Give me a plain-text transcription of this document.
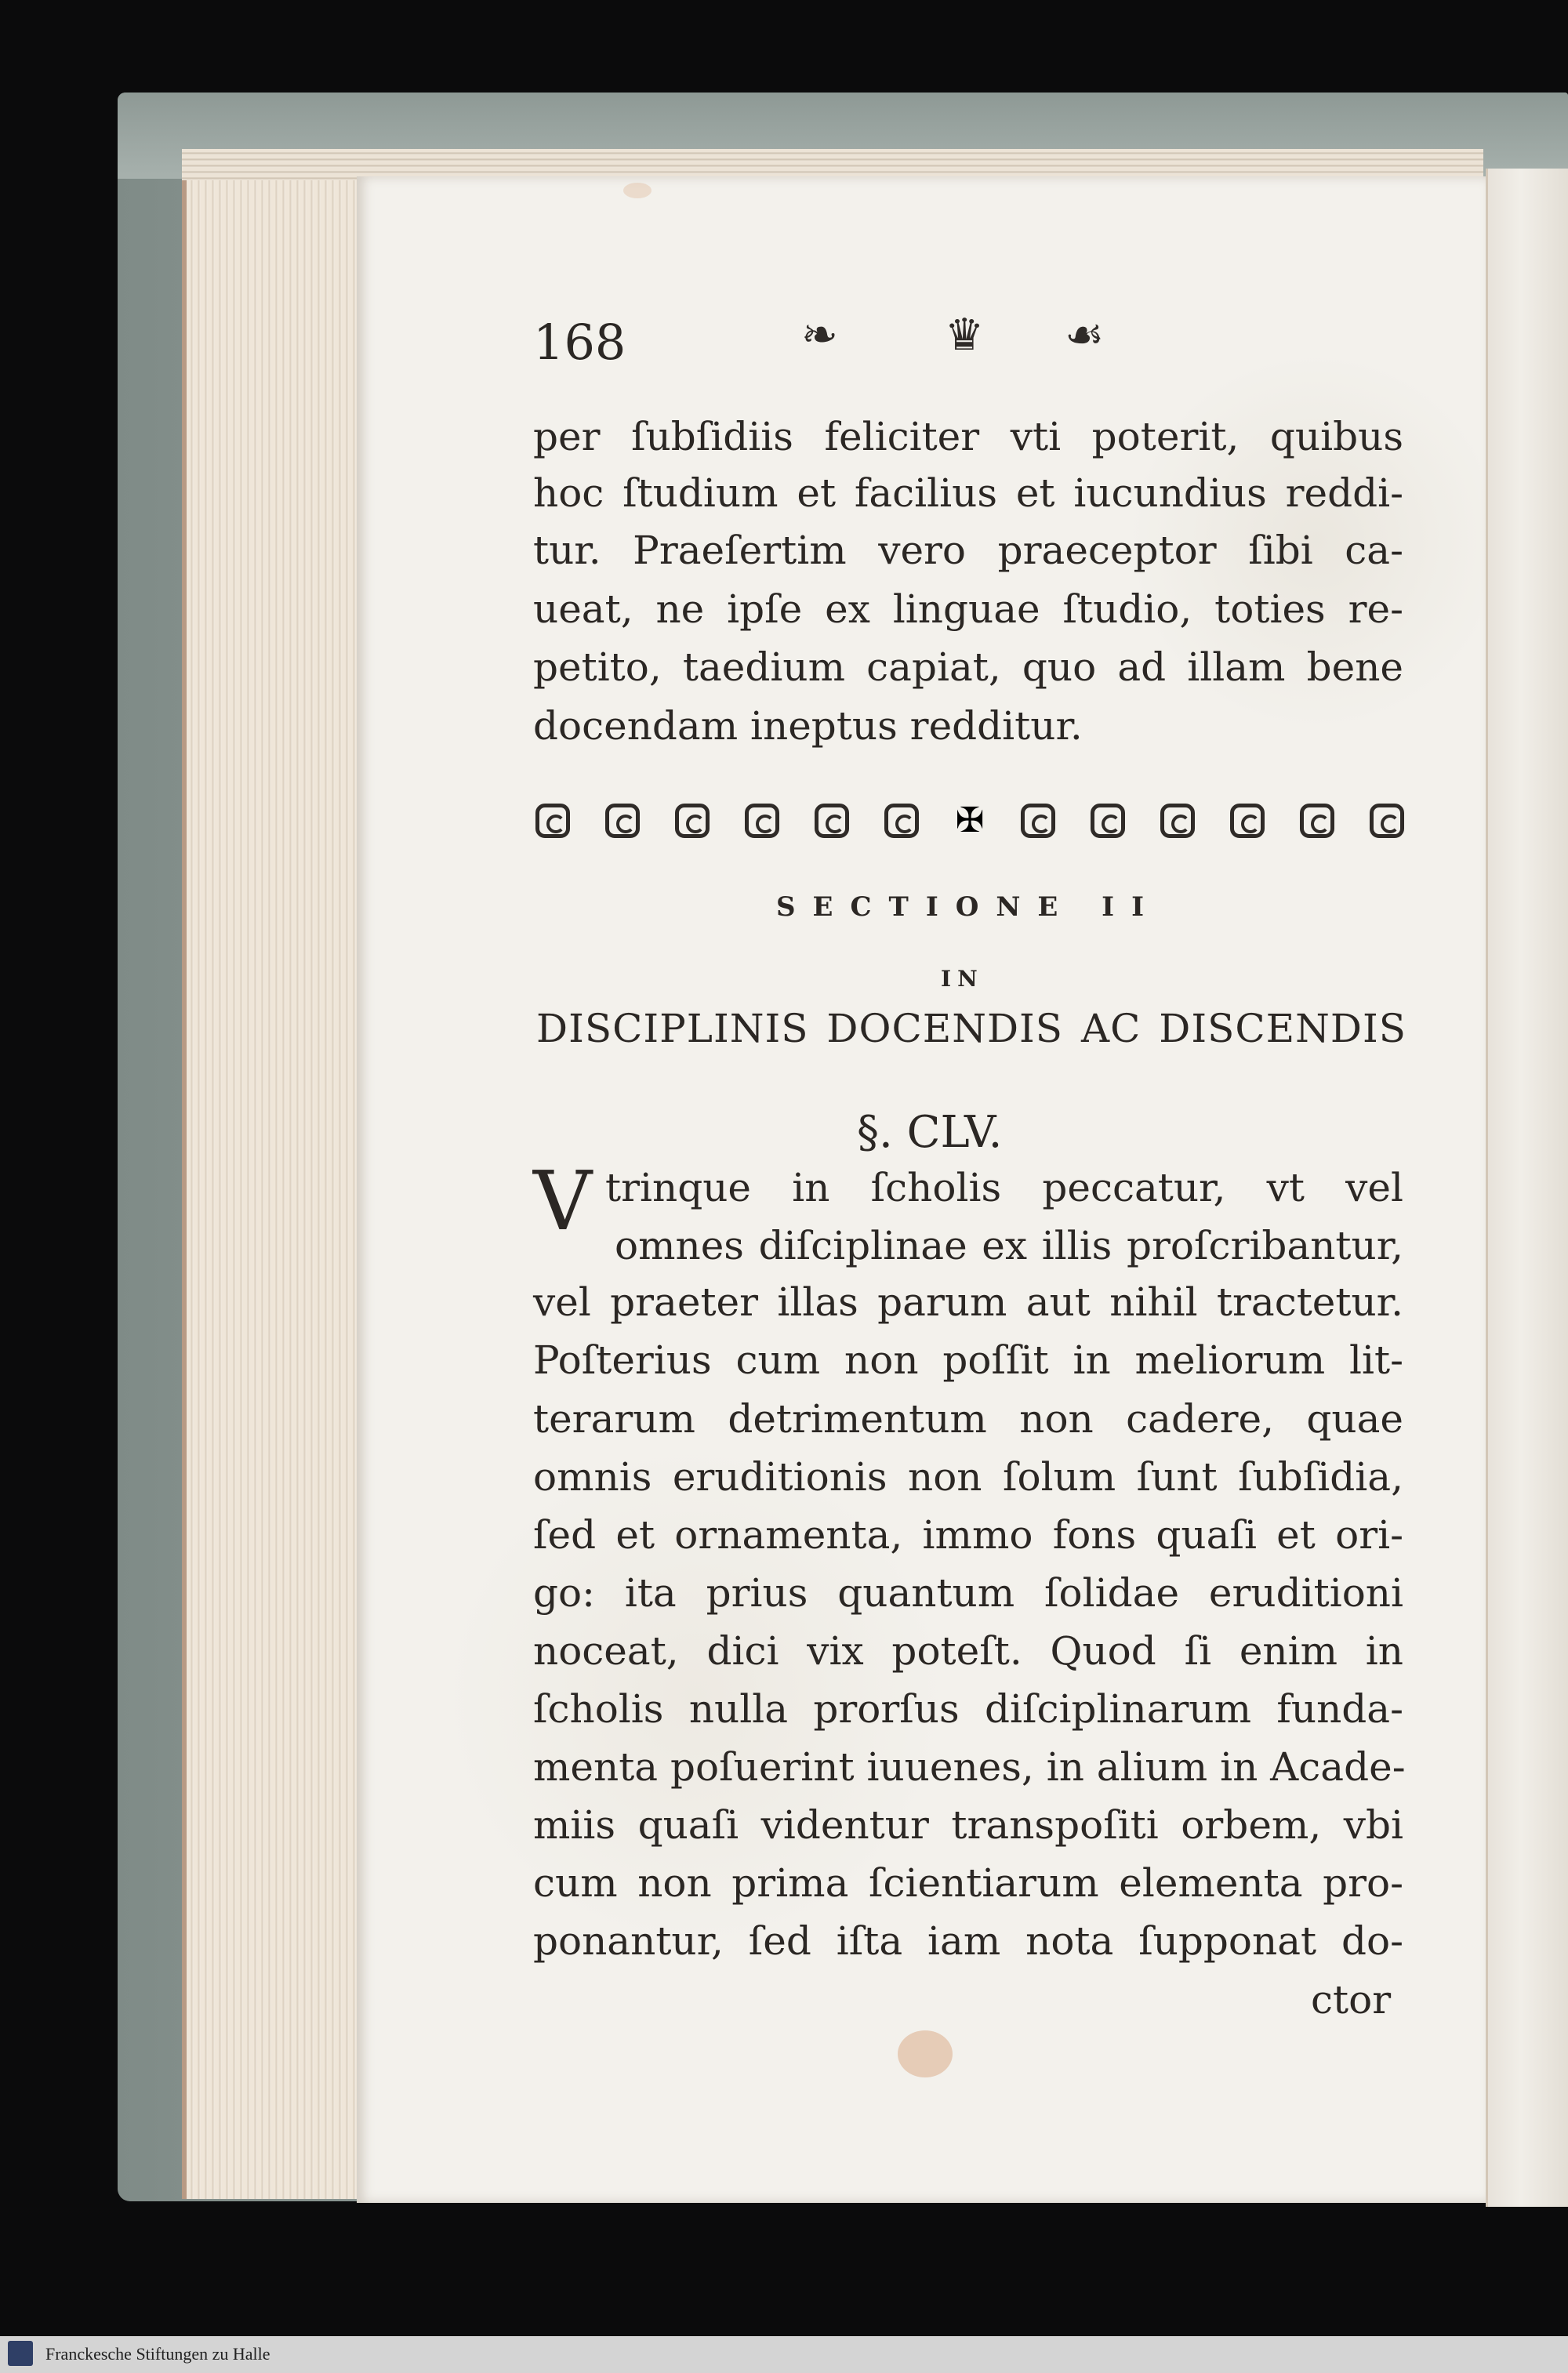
168	❧ ♛ ☙
per ſubſidiis feliciter vti poterit, quibus
hoc ſtudium et facilius et iucundius reddi-
tur. Praeſertim vero praeceptor ſibi ca-
ueat, ne ipſe ex linguae ſtudio, toties re-
petito, taedium capiat, quo ad illam bene
docendam ineptus redditur.
✠
SECTIONE II
IN
DISCIPLINIS DOCENDIS AC DISCENDIS
§. CLV.
V trinque in ſcholis peccatur, vt vel
omnes diſciplinae ex illis proſcribantur,
vel praeter illas parum aut nihil tractetur.
Poſterius cum non poſſit in meliorum lit-
terarum detrimentum non cadere, quae
omnis eruditionis non ſolum ſunt ſubſidia,
ſed et ornamenta, immo fons quaſi et ori-
go: ita prius quantum ſolidae eruditioni
noceat, dici vix poteſt. Quod ſi enim in
ſcholis nulla prorſus diſciplinarum funda-
menta poſuerint iuuenes, in alium in Acade-
miis quaſi videntur transpoſiti orbem, vbi
cum non prima ſcientiarum elementa pro-
ponantur, ſed iſta iam nota ſupponat do-
ctor
Franckesche Stiftungen zu Halle
